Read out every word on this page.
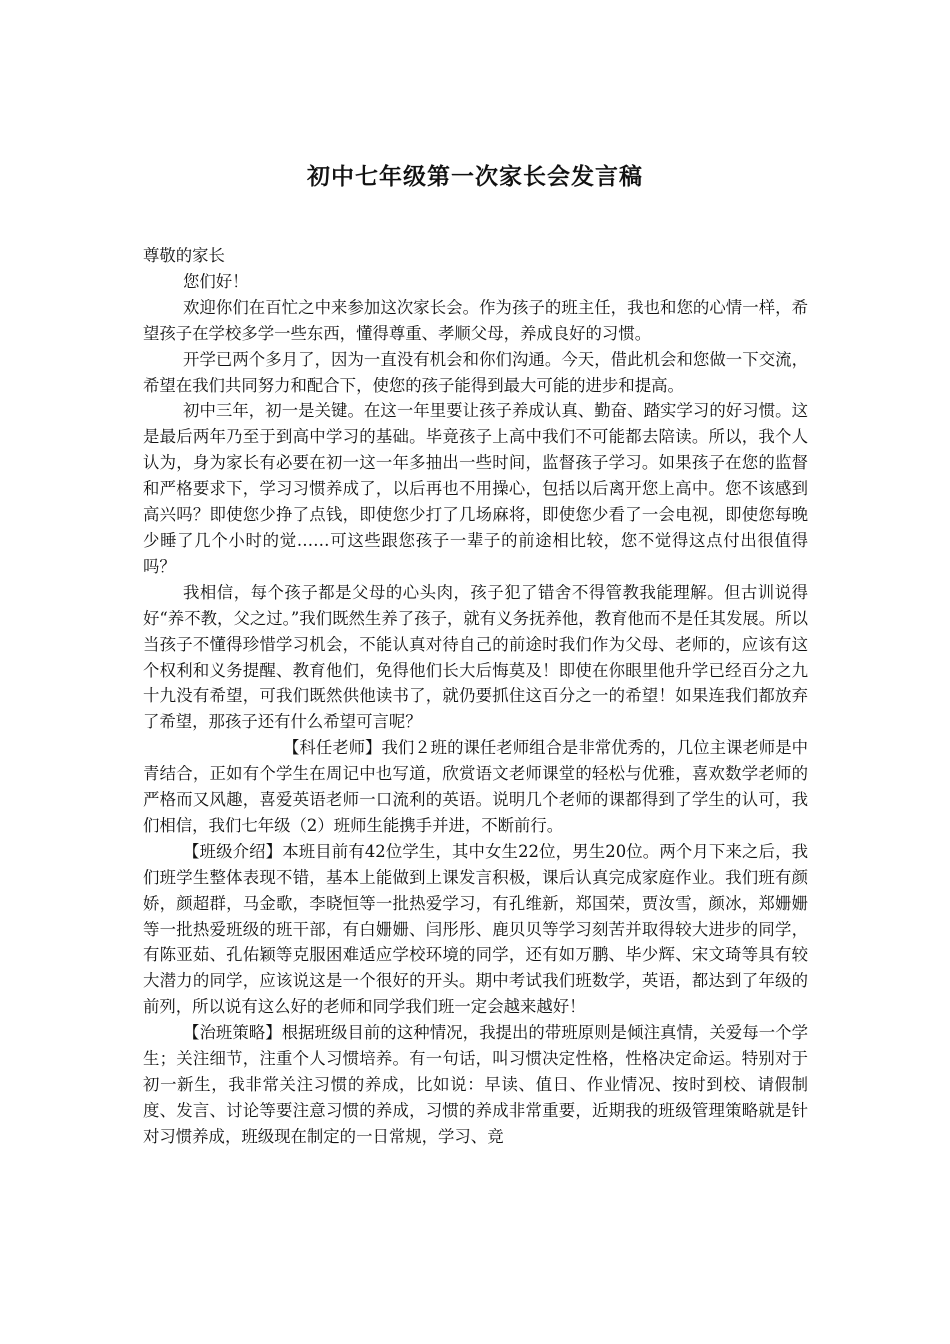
初中七年级第一次家长会发言稿

尊敬的家长

您们好！

欢迎你们在百忙之中来参加这次家长会。作为孩子的班主任，我也和您的心情一样，希望孩子在学校多学一些东西，懂得尊重、孝顺父母，养成良好的习惯。

开学已两个多月了，因为一直没有机会和你们沟通。今天，借此机会和您做一下交流，希望在我们共同努力和配合下，使您的孩子能得到最大可能的进步和提高。

初中三年，初一是关键。在这一年里要让孩子养成认真、勤奋、踏实学习的好习惯。这是最后两年乃至于到高中学习的基础。毕竟孩子上高中我们不可能都去陪读。所以，我个人认为，身为家长有必要在初一这一年多抽出一些时间，监督孩子学习。如果孩子在您的监督和严格要求下，学习习惯养成了，以后再也不用操心，包括以后离开您上高中。您不该感到高兴吗？即使您少挣了点钱，即使您少打了几场麻将，即使您少看了一会电视，即使您每晚少睡了几个小时的觉……可这些跟您孩子一辈子的前途相比较，您不觉得这点付出很值得吗？

我相信，每个孩子都是父母的心头肉，孩子犯了错舍不得管教我能理解。但古训说得好“养不教，父之过。”我们既然生养了孩子，就有义务抚养他，教育他而不是任其发展。所以当孩子不懂得珍惜学习机会，不能认真对待自己的前途时我们作为父母、老师的，应该有这个权利和义务提醒、教育他们，免得他们长大后悔莫及！即使在你眼里他升学已经百分之九十九没有希望，可我们既然供他读书了，就仍要抓住这百分之一的希望！如果连我们都放弃了希望，那孩子还有什么希望可言呢？

【科任老师】我们２班的课任老师组合是非常优秀的，几位主课老师是中青结合，正如有个学生在周记中也写道，欣赏语文老师课堂的轻松与优雅，喜欢数学老师的严格而又风趣，喜爱英语老师一口流利的英语。说明几个老师的课都得到了学生的认可，我们相信，我们七年级（2）班师生能携手并进，不断前行。

【班级介绍】本班目前有42位学生，其中女生22位，男生20位。两个月下来之后，我们班学生整体表现不错，基本上能做到上课发言积极，课后认真完成家庭作业。我们班有颜娇，颜超群，马金歌，李晓恒等一批热爱学习，有孔维新，郑国荣，贾汝雪，颜冰，郑姗姗等一批热爱班级的班干部，有白姗姗、闫彤彤、鹿贝贝等学习刻苦并取得较大进步的同学，有陈亚茹、孔佑颖等克服困难适应学校环境的同学，还有如万鹏、毕少辉、宋文琦等具有较大潜力的同学，应该说这是一个很好的开头。期中考试我们班数学，英语，都达到了年级的前列，所以说有这么好的老师和同学我们班一定会越来越好！

【治班策略】根据班级目前的这种情况，我提出的带班原则是倾注真情，关爱每一个学生；关注细节，注重个人习惯培养。有一句话，叫习惯决定性格，性格决定命运。特别对于初一新生，我非常关注习惯的养成，比如说：早读、值日、作业情况、按时到校、请假制度、发言、讨论等要注意习惯的养成，习惯的养成非常重要，近期我的班级管理策略就是针对习惯养成，班级现在制定的一日常规，学习、竞
